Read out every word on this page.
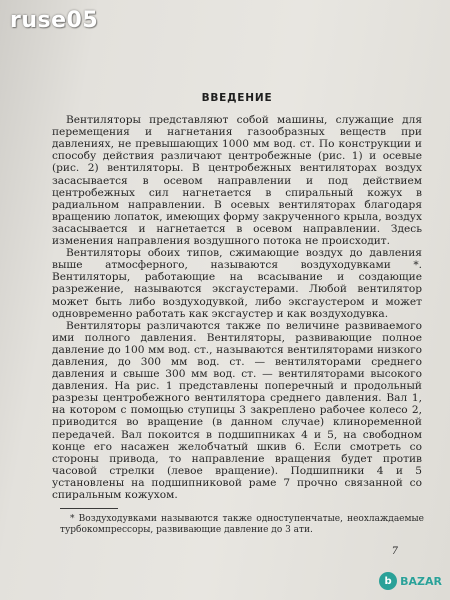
ruse05
ВВЕДЕНИЕ

Вентиляторы представляют собой машины, служащие для перемещения и нагнетания газообразных веществ при давлениях, не превышающих 1000 мм вод. ст. По конструкции и способу действия различают центробежные (рис. 1) и осевые (рис. 2) вентиляторы. В центробежных вентиляторах воздух засасывается в осевом направлении и под действием центробежных сил нагнетается в спиральный кожух в радиальном направлении. В осевых вентиляторах благодаря вращению лопаток, имеющих форму закрученного крыла, воздух засасывается и нагнетается в осевом направлении. Здесь изменения направления воздушного потока не происходит.

Вентиляторы обоих типов, сжимающие воздух до давления выше атмосферного, называются воздуходувками *. Вентиляторы, работающие на всасывание и создающие разрежение, называются эксгаустерами. Любой вентилятор может быть либо воздуходувкой, либо эксгаустером и может одновременно работать как эксгаустер и как воздуходувка.

Вентиляторы различаются также по величине развиваемого ими полного давления. Вентиляторы, развивающие полное давление до 100 мм вод. ст., называются вентиляторами низкого давления, до 300 мм вод. ст. — вентиляторами среднего давления и свыше 300 мм вод. ст. — вентиляторами высокого давления. На рис. 1 представлены поперечный и продольный разрезы центробежного вентилятора среднего давления. Вал 1, на котором с помощью ступицы 3 закреплено рабочее колесо 2, приводится во вращение (в данном случае) клиноременной передачей. Вал покоится в подшипниках 4 и 5, на свободном конце его насажен желобчатый шкив 6. Если смотреть со стороны привода, то направление вращения будет против часовой стрелки (левое вращение). Подшипники 4 и 5 установлены на подшипниковой раме 7 прочно связанной со спиральным кожухом.

* Воздуходувками называются также одноступенчатые, неохлаждаемые турбокомпрессоры, развивающие давление до 3 ати.
7
b BAZAR
